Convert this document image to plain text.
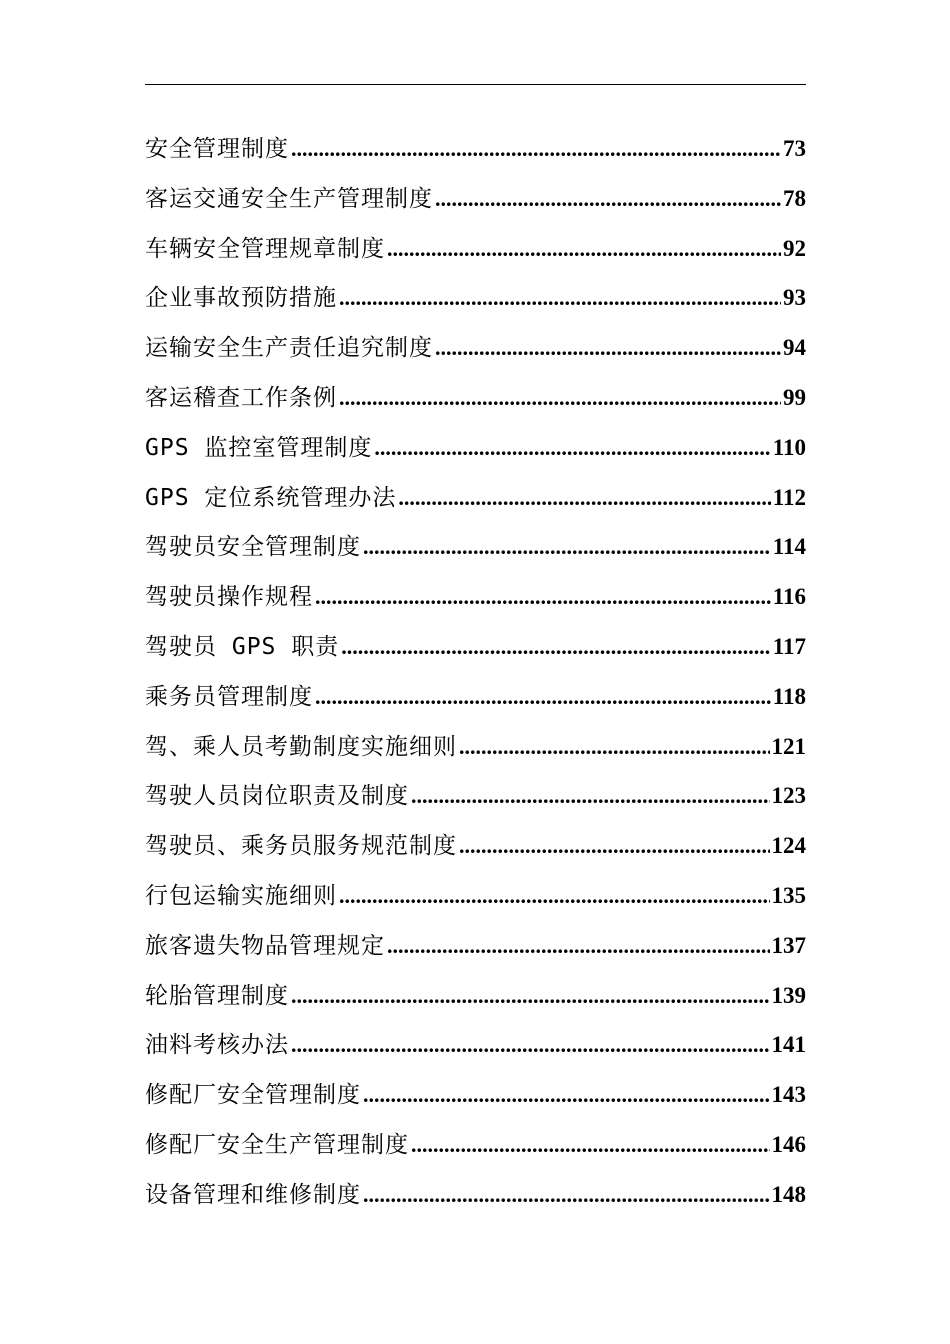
安全管理制度 .....	73
客运交通安全生产管理制度 .....	78
车辆安全管理规章制度 .....	92
企业事故预防措施 .....	93
运输安全生产责任追究制度 .....	94
客运稽查工作条例 .....	99
GPS 监控室管理制度 .....	110
GPS 定位系统管理办法 .....	112
驾驶员安全管理制度 .....	114
驾驶员操作规程 .....	116
驾驶员 GPS 职责 .....	117
乘务员管理制度 .....	118
驾、乘人员考勤制度实施细则 .....	121
驾驶人员岗位职责及制度 .....	123
驾驶员、乘务员服务规范制度 .....	124
行包运输实施细则 .....	135
旅客遗失物品管理规定 .....	137
轮胎管理制度 .....	139
油料考核办法 .....	141
修配厂安全管理制度 .....	143
修配厂安全生产管理制度 .....	146
设备管理和维修制度 .....	148
